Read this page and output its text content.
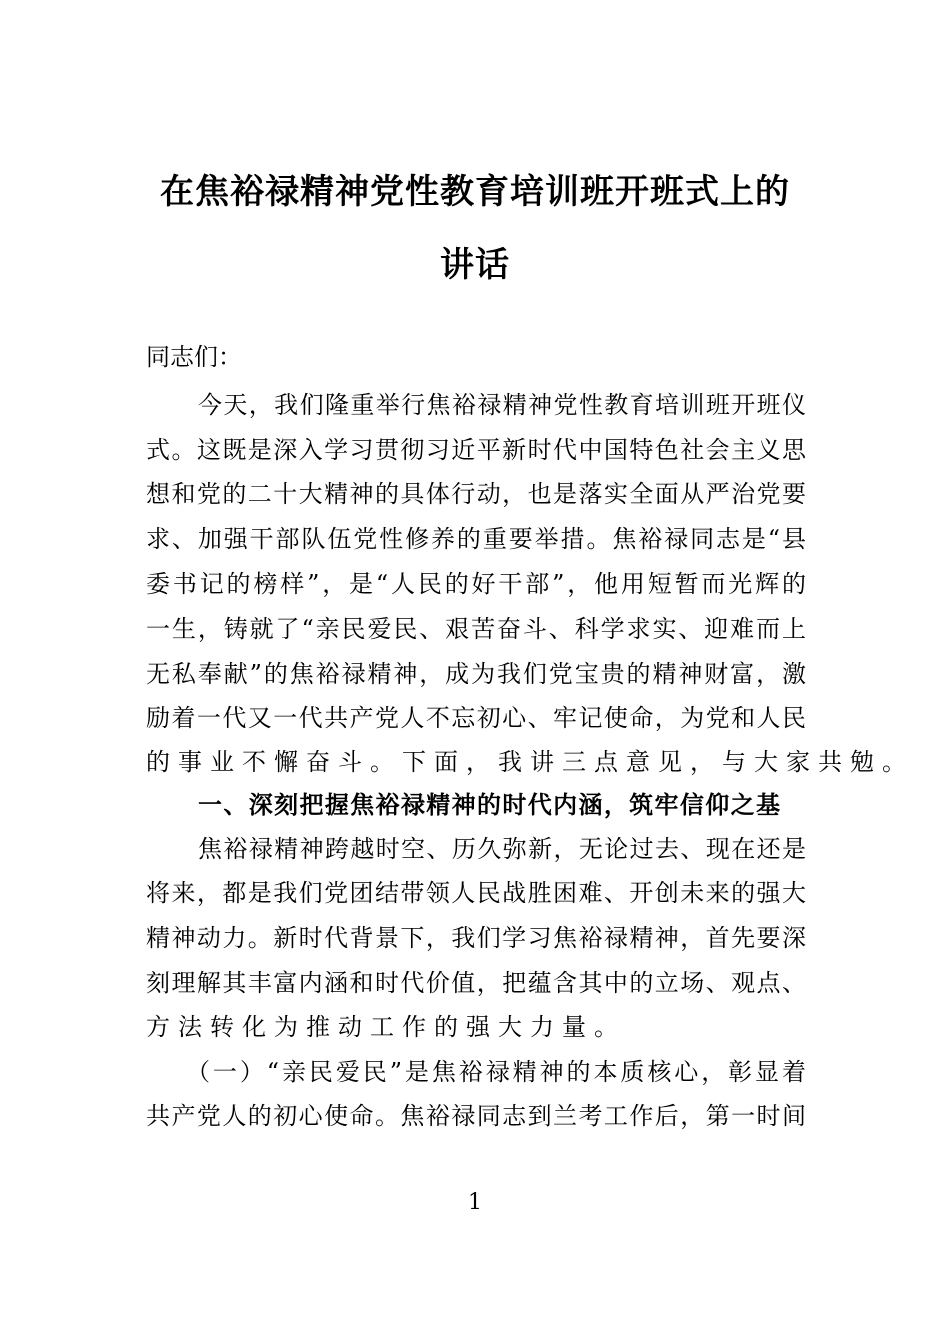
在焦裕禄精神党性教育培训班开班式上的
讲话
同志们：
今天，我们隆重举行焦裕禄精神党性教育培训班开班仪
式。这既是深入学习贯彻习近平新时代中国特色社会主义思
想和党的二十大精神的具体行动，也是落实全面从严治党要
求、加强干部队伍党性修养的重要举措。焦裕禄同志是“县
委书记的榜样”，是“人民的好干部”，他用短暂而光辉的
一生，铸就了“亲民爱民、艰苦奋斗、科学求实、迎难而上
无私奉献”的焦裕禄精神，成为我们党宝贵的精神财富，激
励着一代又一代共产党人不忘初心、牢记使命，为党和人民
的事业不懈奋斗。下面，我讲三点意见，与大家共勉。
一、深刻把握焦裕禄精神的时代内涵，筑牢信仰之基
焦裕禄精神跨越时空、历久弥新，无论过去、现在还是
将来，都是我们党团结带领人民战胜困难、开创未来的强大
精神动力。新时代背景下，我们学习焦裕禄精神，首先要深
刻理解其丰富内涵和时代价值，把蕴含其中的立场、观点、
方法转化为推动工作的强大力量。
（一）“亲民爱民”是焦裕禄精神的本质核心，彰显着
共产党人的初心使命。焦裕禄同志到兰考工作后，第一时间
1
